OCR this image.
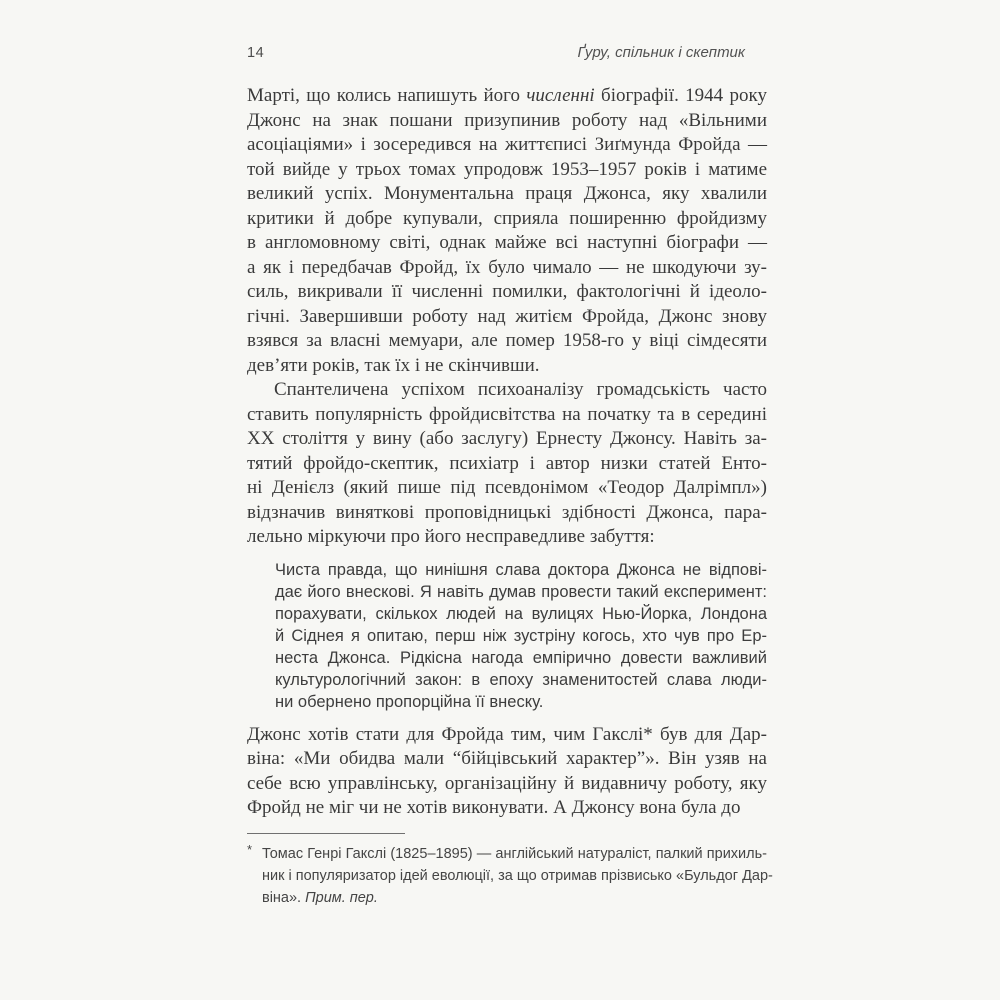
14	Ґуру, спільник і скептик
Марті, що колись напишуть його численні біографії. 1944 року
Джонс на знак пошани призупинив роботу над «Вільними
асоціаціями» і зосередився на життєписі Зиґмунда Фройда —
той вийде у трьох томах упродовж 1953–1957 років і матиме
великий успіх. Монументальна праця Джонса, яку хвалили
критики й добре купували, сприяла поширенню фройдизму
в англомовному світі, однак майже всі наступні біографи —
а як і передбачав Фройд, їх було чимало — не шкодуючи зу-
силь, викривали її численні помилки, фактологічні й ідеоло-
гічні. Завершивши роботу над житієм Фройда, Джонс знову
взявся за власні мемуари, але помер 1958-го у віці сімдесяти
дев’яти років, так їх і не скінчивши.
Спантеличена успіхом психоаналізу громадськість часто
ставить популярність фройдисвітства на початку та в середині
ХХ століття у вину (або заслугу) Ернесту Джонсу. Навіть за-
тятий фройдо-скептик, психіатр і автор низки статей Енто-
ні Денієлз (який пише під псевдонімом «Теодор Далрімпл»)
відзначив виняткові проповідницькі здібності Джонса, пара-
лельно міркуючи про його несправедливе забуття:
Чиста правда, що нинішня слава доктора Джонса не відпові-
дає його внескові. Я навіть думав провести такий експеримент:
порахувати, скількох людей на вулицях Нью-Йорка, Лондона
й Сіднея я опитаю, перш ніж зустріну когось, хто чув про Ер-
неста Джонса. Рідкісна нагода емпірично довести важливий
культурологічний закон: в епоху знаменитостей слава люди-
ни обернено пропорційна її внеску.
Джонс хотів стати для Фройда тим, чим Гакслі* був для Дар-
віна: «Ми обидва мали “бійцівський характер”». Він узяв на
себе всю управлінську, організаційну й видавничу роботу, яку
Фройд не міг чи не хотів виконувати. А Джонсу вона була до
* Томас Генрі Гакслі (1825–1895) — англійський натураліст, палкий прихиль-
ник і популяризатор ідей еволюції, за що отримав прізвисько «Бульдог Дар-
віна». Прим. пер.
